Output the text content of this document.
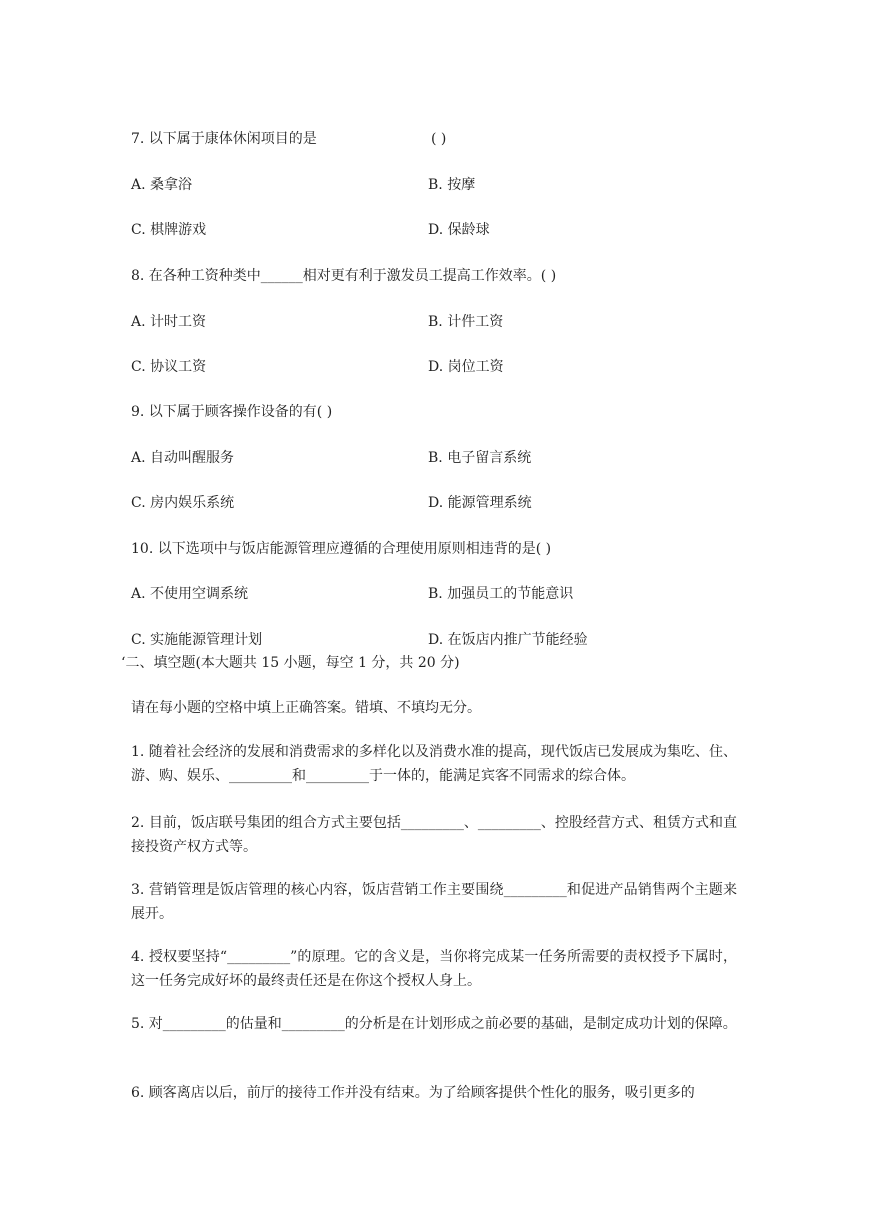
7. 以下属于康体休闲项目的是	( )
A. 桑拿浴	B. 按摩
C. 棋牌游戏	D. 保龄球
8. 在各种工资种类中______相对更有利于激发员工提高工作效率。( )
A. 计时工资	B. 计件工资
C. 协议工资	D. 岗位工资
9. 以下属于顾客操作设备的有( )
A. 自动叫醒服务	B. 电子留言系统
C. 房内娱乐系统	D. 能源管理系统
10. 以下选项中与饭店能源管理应遵循的合理使用原则相违背的是( )
A. 不使用空调系统	B. 加强员工的节能意识
C. 实施能源管理计划	D. 在饭店内推广节能经验
‘二、填空题(本大题共 15 小题，每空 1 分，共 20 分)
请在每小题的空格中填上正确答案。错填、不填均无分。
1. 随着社会经济的发展和消费需求的多样化以及消费水准的提高，现代饭店已发展成为集吃、住、游、购、娱乐、_________和_________于一体的，能满足宾客不同需求的综合体。
2. 目前，饭店联号集团的组合方式主要包括_________、_________、控股经营方式、租赁方式和直接投资产权方式等。
3. 营销管理是饭店管理的核心内容，饭店营销工作主要围绕_________和促进产品销售两个主题来展开。
4. 授权要坚持“_________”的原理。它的含义是，当你将完成某一任务所需要的责权授予下属时，这一任务完成好坏的最终责任还是在你这个授权人身上。
5. 对_________的估量和_________的分析是在计划形成之前必要的基础，是制定成功计划的保障。
6. 顾客离店以后，前厅的接待工作并没有结束。为了给顾客提供个性化的服务，吸引更多的
